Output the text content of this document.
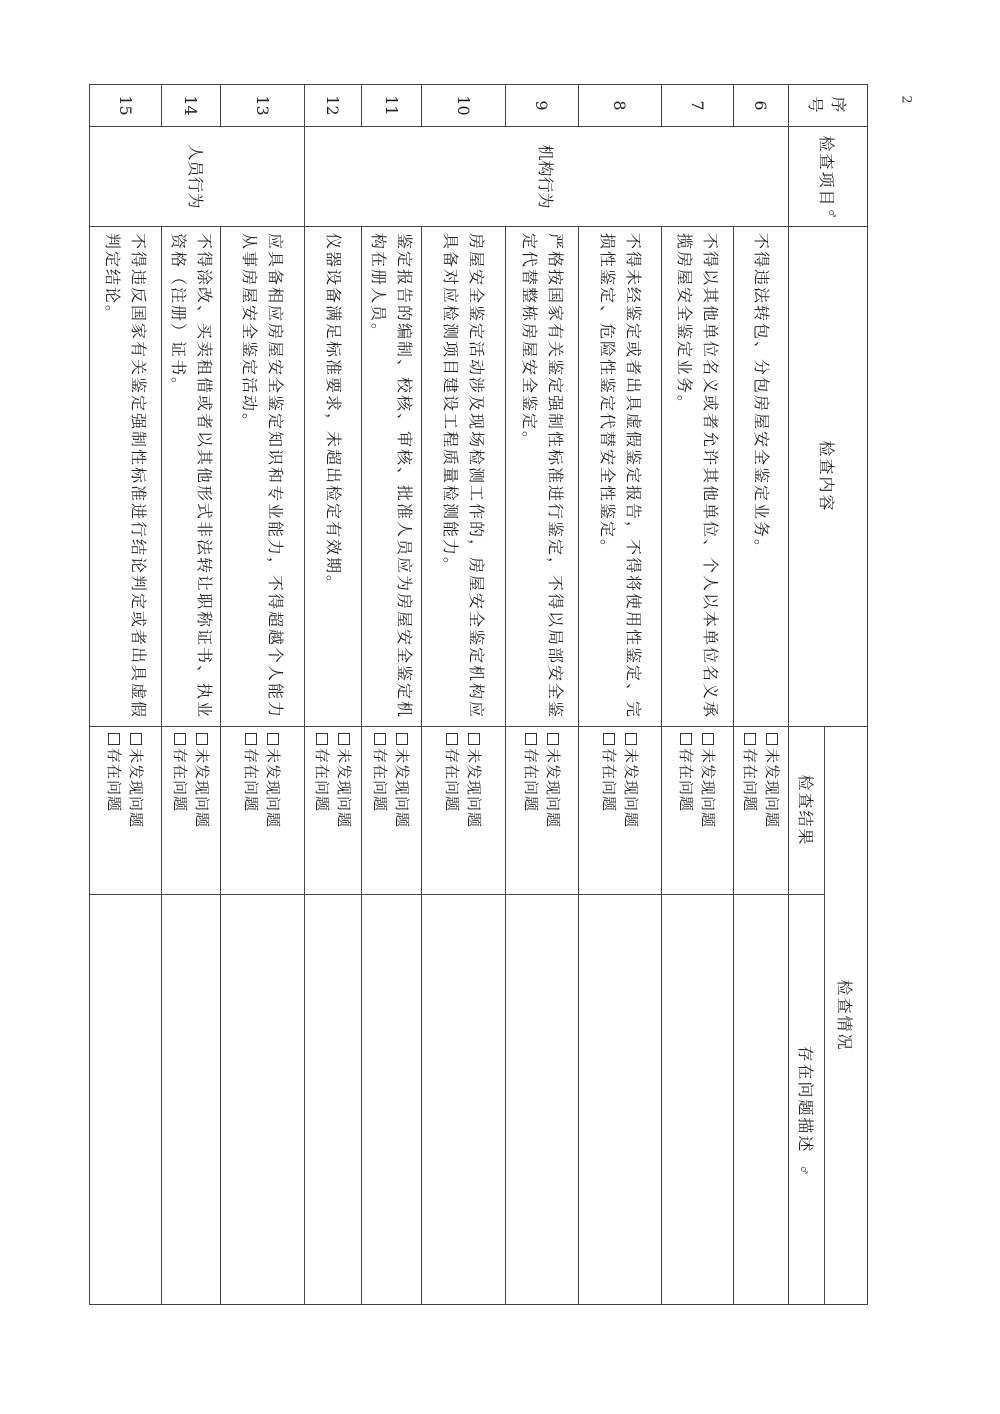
2
序号	检查项目♂	检查内容	检查情况	
			检查结果	存在问题描述
6	机构行为	不得违法转包、分包房屋安全鉴定业务。	未发现问题
存在问题	

7		不得以其他单位名义或者允许其他单位、个人以本单位名义承揽房屋安全鉴定业务。	未发现问题
存在问题	

8		不得未经鉴定或者出具虚假鉴定报告，不得将使用性鉴定、完损性鉴定、危险性鉴定代替安全性鉴定。	未发现问题
存在问题	

9		严格按国家有关鉴定强制性标准进行鉴定，不得以局部安全鉴定代替整栋房屋安全鉴定。	未发现问题
存在问题	

10		房屋安全鉴定活动涉及现场检测工作的，房屋安全鉴定机构应具备对应检测项目建设工程质量检测能力。	未发现问题
存在问题	

11		鉴定报告的编制、校核、审核、批准人员应为房屋安全鉴定机构在册人员。	未发现问题
存在问题	

12		仪器设备满足标准要求，未超出检定有效期。	未发现问题
存在问题	

13	人员行为	应具备相应房屋安全鉴定知识和专业能力，不得超越个人能力从事房屋安全鉴定活动。	未发现问题
存在问题	

14		不得涂改、买卖租借或者以其他形式非法转让职称证书、执业资格（注册）证书。	未发现问题
存在问题	

15		不得违反国家有关鉴定强制性标准进行结论判定或者出具虚假判定结论。	未发现问题
存在问题	

♂
